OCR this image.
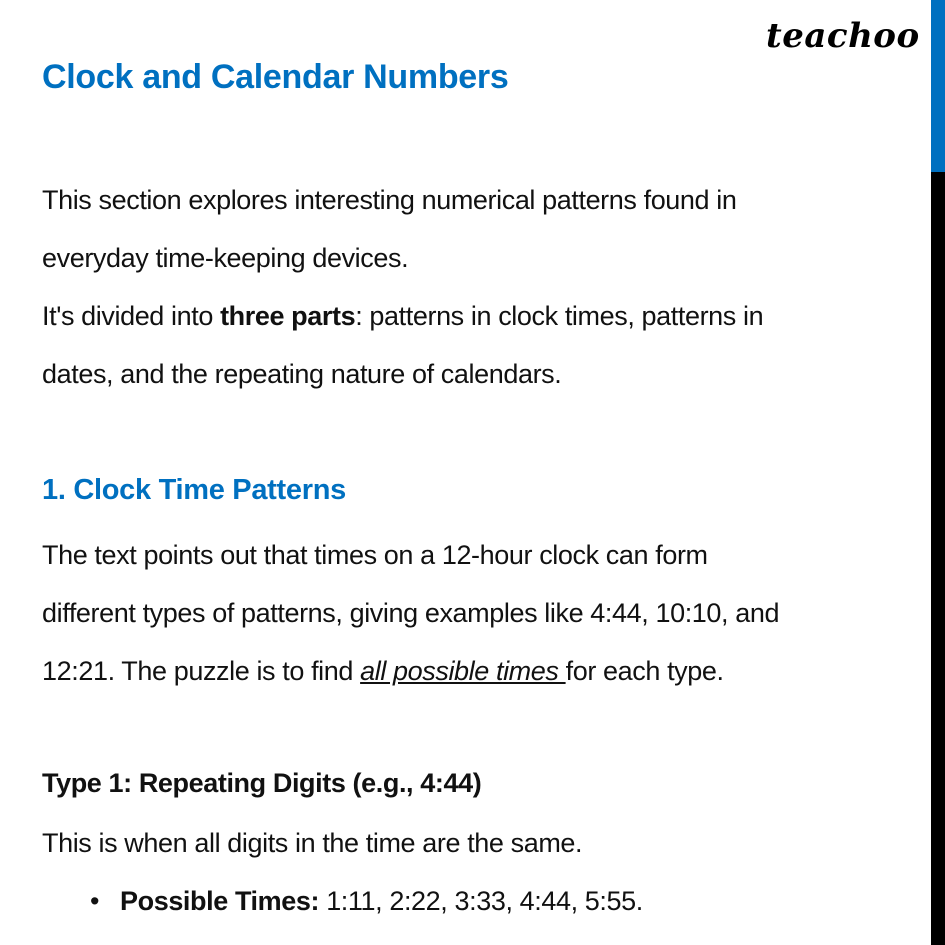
teachoo
Clock and Calendar Numbers

This section explores interesting numerical patterns found in
everyday time-keeping devices.
It's divided into three parts: patterns in clock times, patterns in
dates, and the repeating nature of calendars.

1. Clock Time Patterns

The text points out that times on a 12-hour clock can form
different types of patterns, giving examples like 4:44, 10:10, and
12:21. The puzzle is to find all possible times for each type.

Type 1: Repeating Digits (e.g., 4:44)

This is when all digits in the time are the same.

• Possible Times: 1:11, 2:22, 3:33, 4:44, 5:55.
